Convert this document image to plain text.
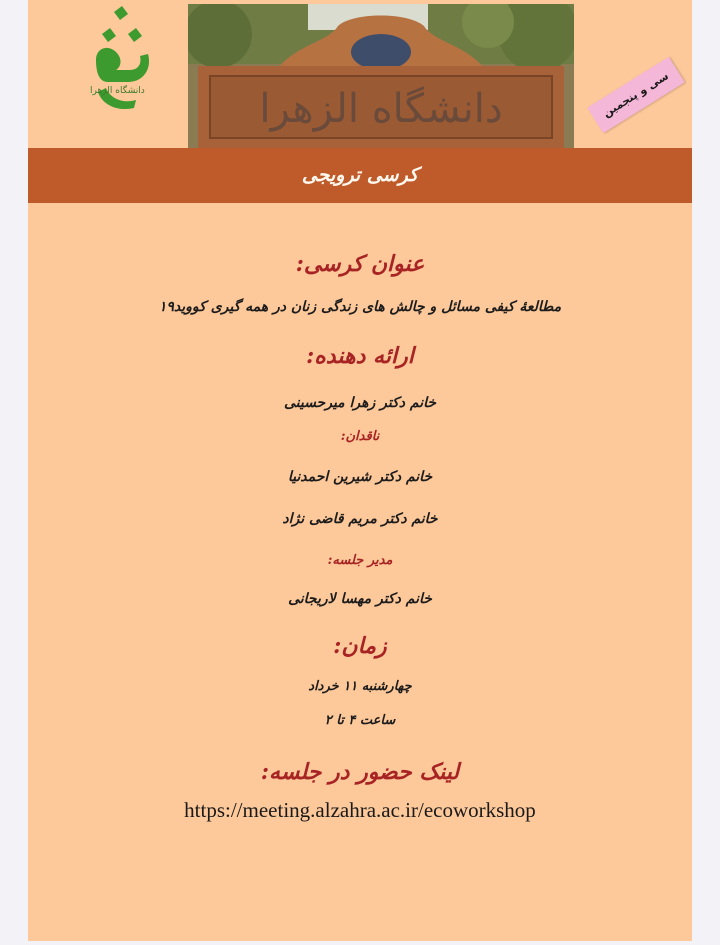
دانشگاه الزهرا	دانشگاه الزهرا	سی و پنجمین
کرسی ترویجی
عنوان کرسی:
مطالعهٔ کیفی مسائل و چالش های زندگی زنان در همه گیری کووید۱۹
ارائه دهنده:
خانم دکتر زهرا میرحسینی
ناقدان:
خانم دکتر شیرین احمدنیا
خانم دکتر مریم قاضی نژاد
مدیر جلسه:
خانم دکتر مهسا لاریجانی
زمان:
چهارشنبه ۱۱ خرداد
ساعت ۴ تا ۲
لینک حضور در جلسه:
https://meeting.alzahra.ac.ir/ecoworkshop
